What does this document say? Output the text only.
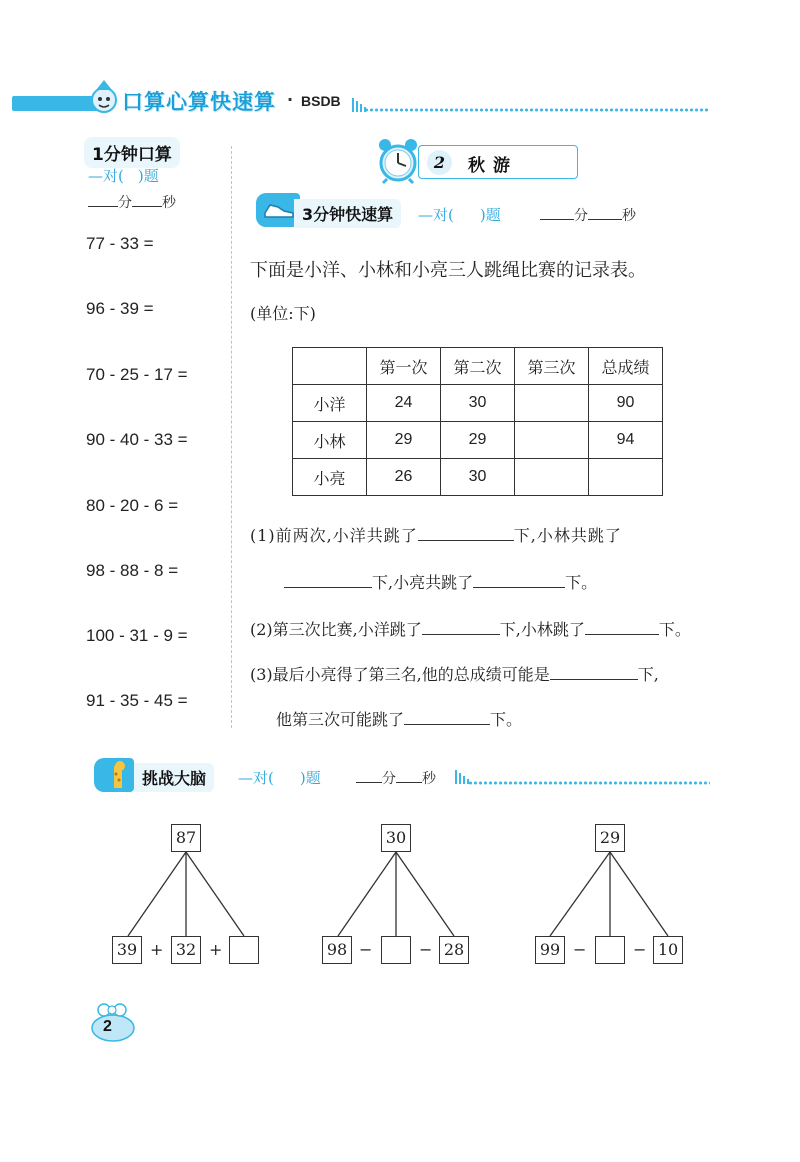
口算心算快速算 · BSDB
1分钟口算
—对( )题
分 秒
77 - 33 =
96 - 39 =
70 - 25 - 17 =
90 - 40 - 33 =
80 - 20 - 6 =
98 - 88 - 8 =
100 - 31 - 9 =
91 - 35 - 45 =
2	秋游
3分钟快速算	—对( )题	分 秒
下面是小洋、小林和小亮三人跳绳比赛的记录表。
(单位:下)
	第一次	第二次	第三次	总成绩
小洋	24	30		90
小林	29	29		94
小亮	26	30		
(1)前两次,小洋共跳了	下,小林共跳了
下,小亮共跳了	下。
(2)第三次比赛,小洋跳了	下,小林跳了	下。
(3)最后小亮得了第三名,他的总成绩可能是	下,
他第三次可能跳了	下。
挑战大脑	—对( )题	分 秒
87
39 + 32 +
30
98 −	− 28
29
99 −	− 10
2
